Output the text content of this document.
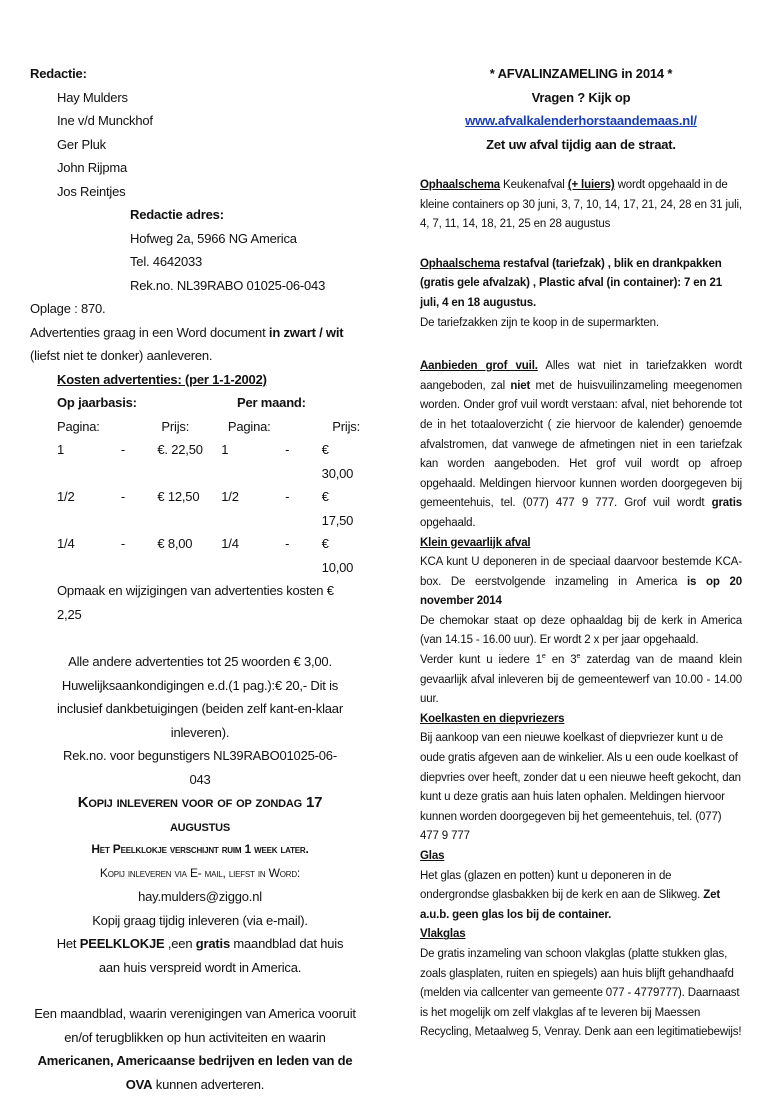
Redactie:
Hay Mulders
Ine v/d Munckhof
Ger Pluk
John Rijpma
Jos Reintjes
Redactie adres:
Hofweg 2a, 5966 NG America
Tel. 4642033
Rek.no. NL39RABO 01025-06-043
Oplage : 870.
Advertenties graag in een Word document in zwart / wit (liefst niet te donker) aanleveren.
Kosten advertenties: (per 1-1-2002)
Op jaarbasis:	Per maand:
Pagina:	Prijs:	Pagina:	Prijs:
1	-	€. 22,50	1	-	€ 30,00
1/2	-	€ 12,50	1/2	-	€ 17,50
1/4	-	€ 8,00	1/4	-	€ 10,00
Opmaak en wijzigingen van advertenties kosten € 2,25
Alle andere advertenties tot 25 woorden € 3,00.
Huwelijksaankondigingen e.d.(1 pag.):€ 20,- Dit is inclusief dankbetuigingen (beiden zelf kant-en-klaar inleveren).
Rek.no. voor begunstigers NL39RABO01025-06-043
Kopij inleveren voor of op zondag 17 augustus
Het Peelklokje verschijnt ruim 1 week later.
Kopij inleveren via E- mail, liefst in Word:
hay.mulders@ziggo.nl
Kopij graag tijdig inleveren (via e-mail).
Het PEELKLOKJE ,een gratis maandblad dat huis aan huis verspreid wordt in America.
Een maandblad, waarin verenigingen van America vooruit en/of terugblikken op hun activiteiten en waarin Americanen, Americaanse bedrijven en leden van de OVA kunnen adverteren.
* AFVALINZAMELING in 2014 *
Vragen ? Kijk op www.afvalkalenderhorstaandemaas.nl/
Zet uw afval tijdig aan de straat.
Ophaalschema Keukenafval (+ luiers) wordt opgehaald in de kleine containers op 30 juni, 3, 7, 10, 14, 17, 21, 24, 28 en 31 juli, 4, 7, 11, 14, 18, 21, 25 en 28 augustus
Ophaalschema restafval (tariefzak) , blik en drankpakken (gratis gele afvalzak) , Plastic afval (in container): 7 en 21 juli, 4 en 18 augustus.
De tariefzakken zijn te koop in de supermarkten.
Aanbieden grof vuil. Alles wat niet in tariefzakken wordt aangeboden, zal niet met de huisvuilinzameling meegenomen worden. Onder grof vuil wordt verstaan: afval, niet behorende tot de in het totaaloverzicht ( zie hiervoor de kalender) genoemde afvalstromen, dat vanwege de afmetingen niet in een tariefzak kan worden aangeboden. Het grof vuil wordt op afroep opgehaald. Meldingen hiervoor kunnen worden doorgegeven bij gemeentehuis, tel. (077) 477 9 777. Grof vuil wordt gratis opgehaald.
Klein gevaarlijk afval
KCA kunt U deponeren in de speciaal daarvoor bestemde KCA-box. De eerstvolgende inzameling in America is op 20 november 2014
De chemokar staat op deze ophaaldag bij de kerk in America (van 14.15 - 16.00 uur). Er wordt 2 x per jaar opgehaald.
Verder kunt u iedere 1e en 3e zaterdag van de maand klein gevaarlijk afval inleveren bij de gemeentewerf van 10.00 - 14.00 uur.
Koelkasten en diepvriezers
Bij aankoop van een nieuwe koelkast of diepvriezer kunt u de oude gratis afgeven aan de winkelier. Als u een oude koelkast of diepvries over heeft, zonder dat u een nieuwe heeft gekocht, dan kunt u deze gratis aan huis laten ophalen. Meldingen hiervoor kunnen worden doorgegeven bij het gemeentehuis, tel. (077) 477 9 777
Glas
Het glas (glazen en potten) kunt u deponeren in de ondergrondse glasbakken bij de kerk en aan de Slikweg. Zet a.u.b. geen glas los bij de container.
Vlakglas
De gratis inzameling van schoon vlakglas (platte stukken glas, zoals glasplaten, ruiten en spiegels) aan huis blijft gehandhaafd (melden via callcenter van gemeente 077 - 4779777). Daarnaast is het mogelijk om zelf vlakglas af te leveren bij Maessen Recycling, Metaalweg 5, Venray. Denk aan een legitimatiebewijs!
